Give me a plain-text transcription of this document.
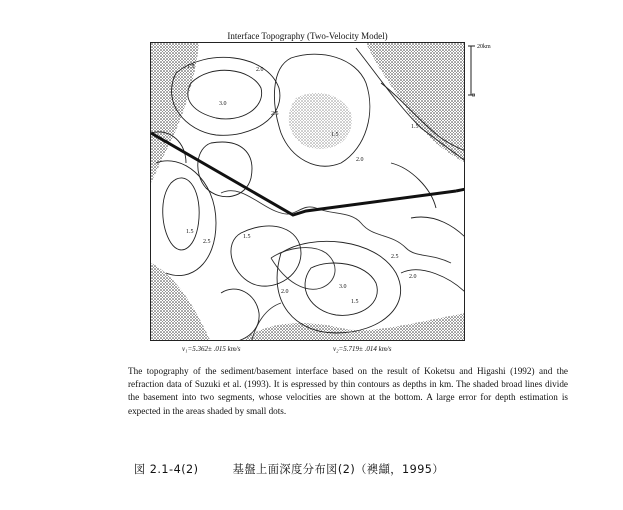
Interface Topography (Two-Velocity Model)
2.0
1.5
3.0
2.5
1.5
2.0
1.5
1.5
2.5
1.5
2.0
1.5
3.0
2.5
2.0
20km
0
v₁=5.362± .015 km/s	v₂=5.719± .014 km/s

The topography of the sediment/basement interface based on the result of Koketsu and Higashi (1992) and the refraction data of Suzuki et al. (1993). It is espressed by thin contours as depths in km. The shaded broad lines divide the basement into two segments, whose velocities are shown at the bottom. A large error for depth estimation is expected in the areas shaded by small dots.

図 2.1-4(2)	基盤上面深度分布図(2)（襖纈，1995）
